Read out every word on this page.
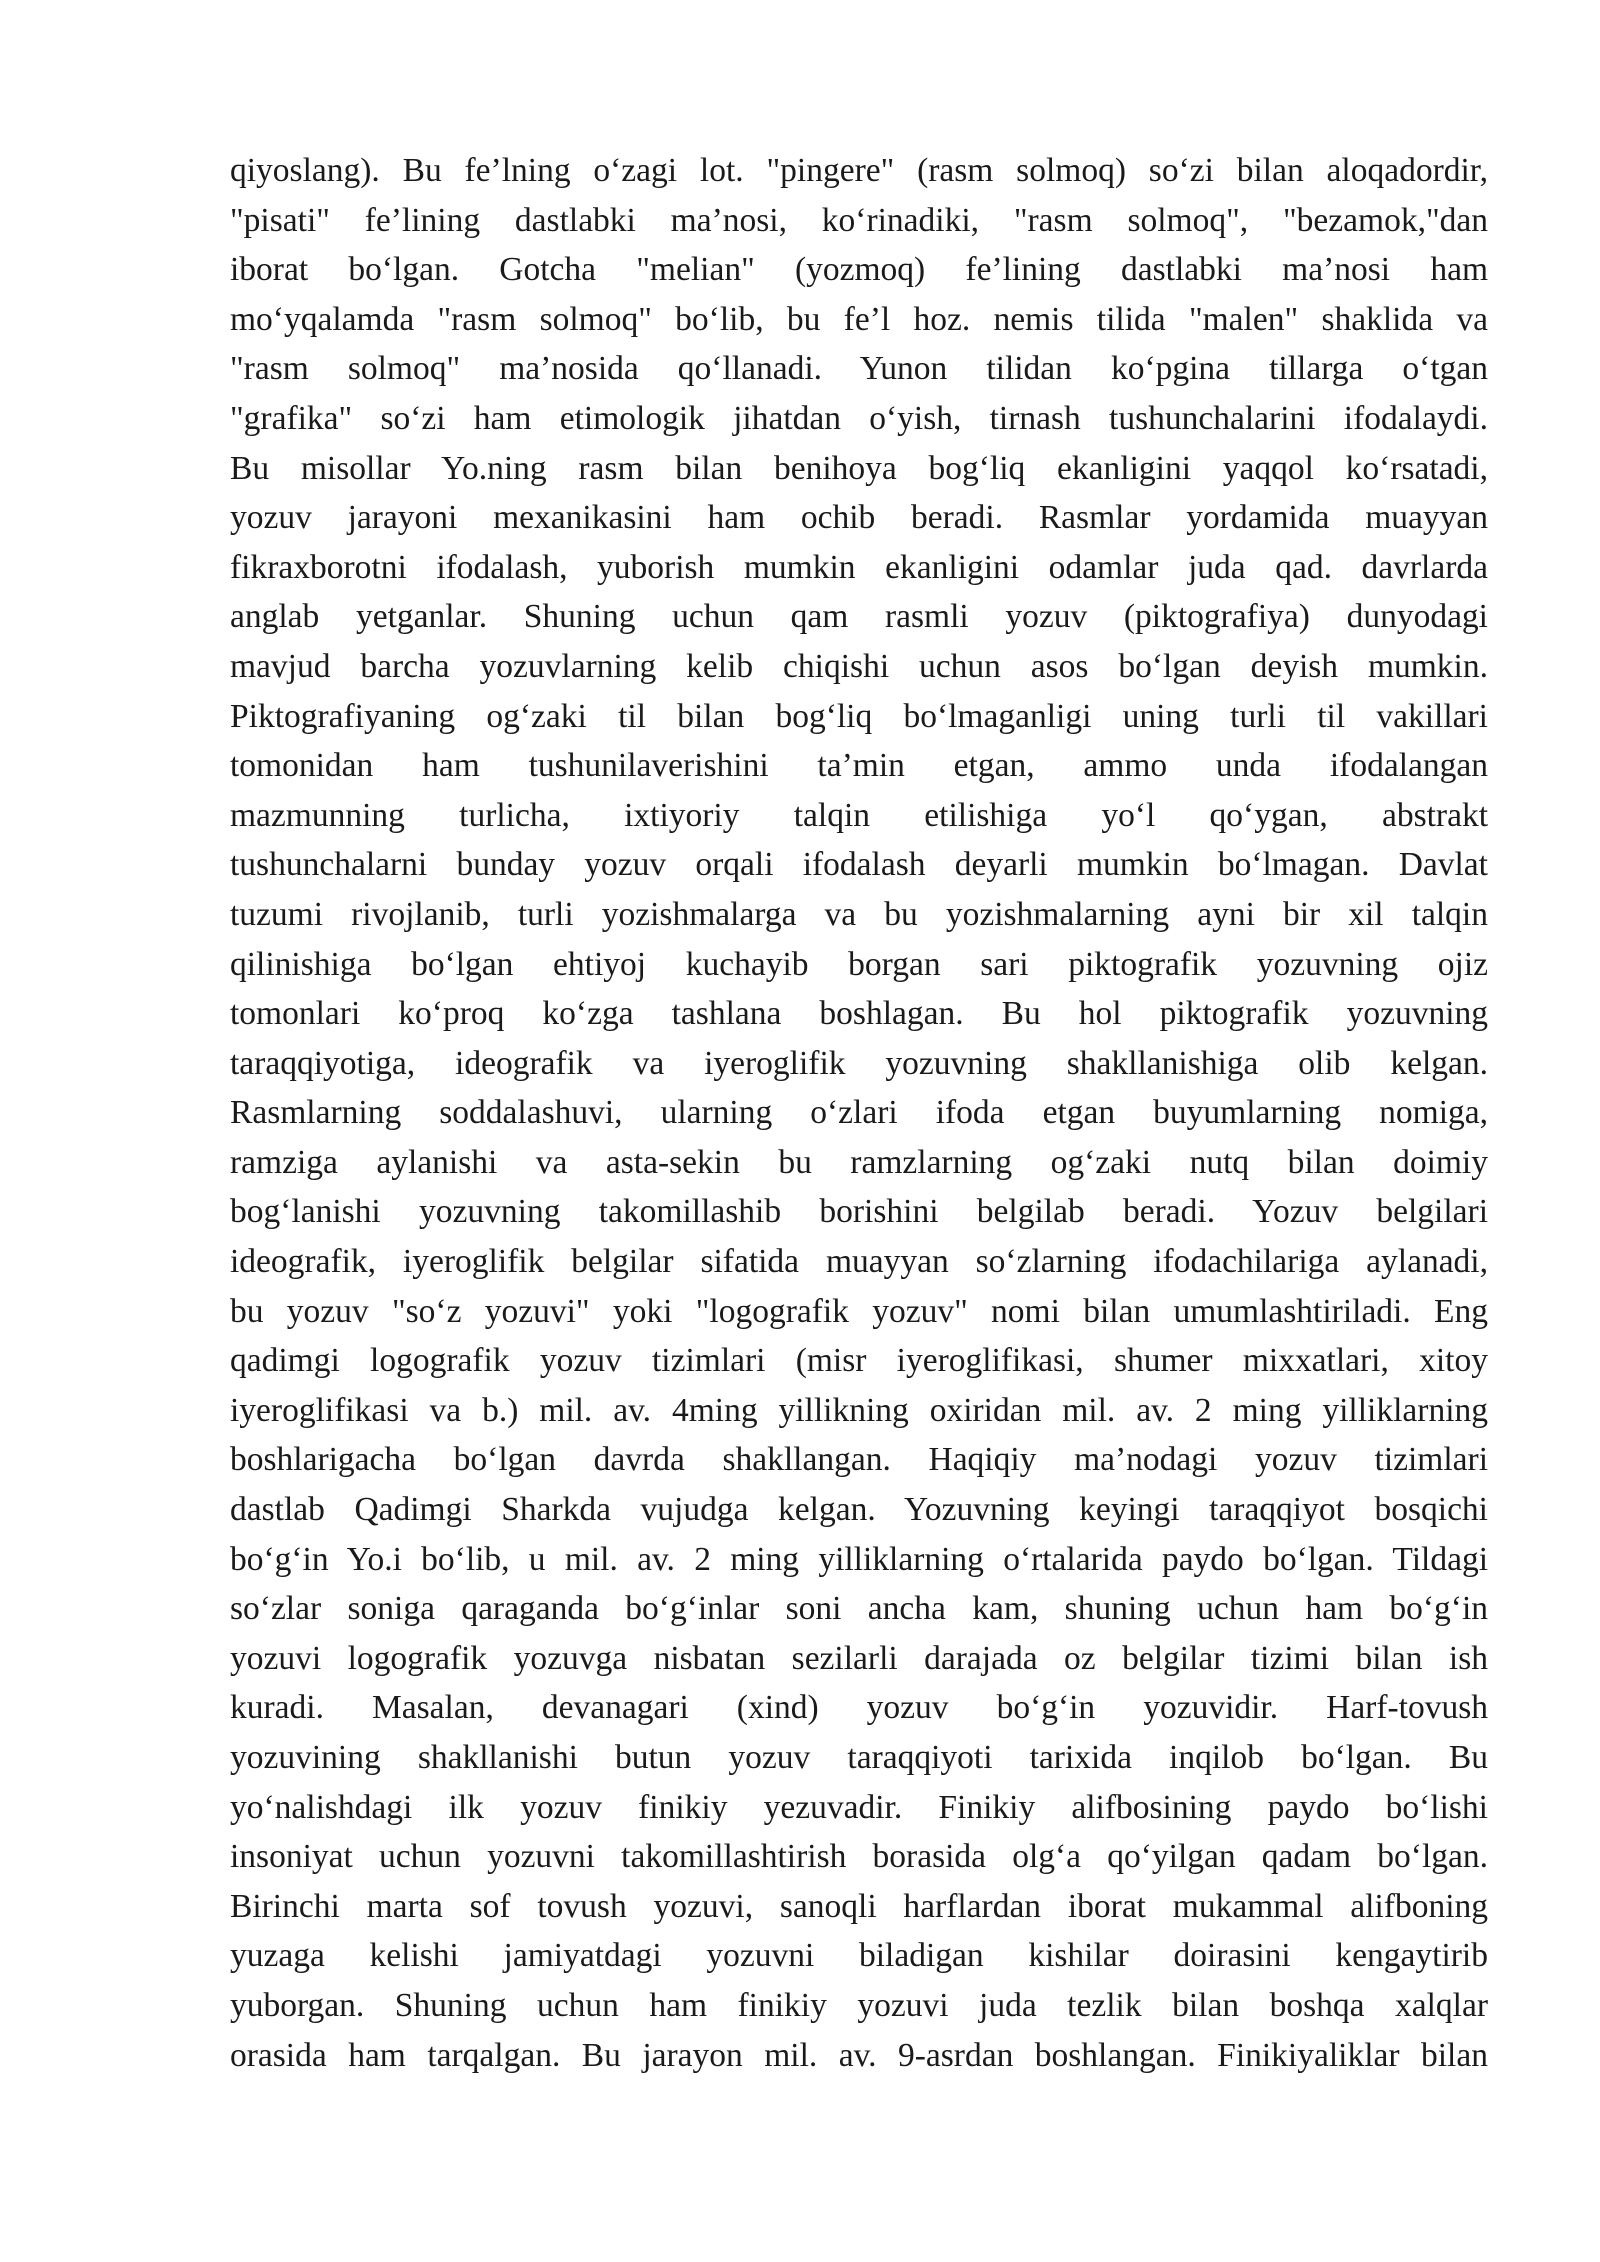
qiyoslang). Bu fe’lning o‘zagi lot. "pingere" (rasm solmoq) so‘zi bilan aloqadordir,
"pisati" fe’lining dastlabki ma’nosi, ko‘rinadiki, "rasm solmoq", "bezamok,"dan
iborat bo‘lgan. Gotcha "melian" (yozmoq) fe’lining dastlabki ma’nosi ham
mo‘yqalamda "rasm solmoq" bo‘lib, bu fe’l hoz. nemis tilida "malen" shaklida va
"rasm solmoq" ma’nosida qo‘llanadi. Yunon tilidan ko‘pgina tillarga o‘tgan
"grafika" so‘zi ham etimologik jihatdan o‘yish, tirnash tushunchalarini ifodalaydi.
Bu misollar Yo.ning rasm bilan benihoya bog‘liq ekanligini yaqqol ko‘rsatadi,
yozuv jarayoni mexanikasini ham ochib beradi. Rasmlar yordamida muayyan
fikraxborotni ifodalash, yuborish mumkin ekanligini odamlar juda qad. davrlarda
anglab yetganlar. Shuning uchun qam rasmli yozuv (piktografiya) dunyodagi
mavjud barcha yozuvlarning kelib chiqishi uchun asos bo‘lgan deyish mumkin.
Piktografiyaning og‘zaki til bilan bog‘liq bo‘lmaganligi uning turli til vakillari
tomonidan ham tushunilaverishini ta’min etgan, ammo unda ifodalangan
mazmunning turlicha, ixtiyoriy talqin etilishiga yo‘l qo‘ygan, abstrakt
tushunchalarni bunday yozuv orqali ifodalash deyarli mumkin bo‘lmagan. Davlat
tuzumi rivojlanib, turli yozishmalarga va bu yozishmalarning ayni bir xil talqin
qilinishiga bo‘lgan ehtiyoj kuchayib borgan sari piktografik yozuvning ojiz
tomonlari ko‘proq ko‘zga tashlana boshlagan. Bu hol piktografik yozuvning
taraqqiyotiga, ideografik va iyeroglifik yozuvning shakllanishiga olib kelgan.
Rasmlarning soddalashuvi, ularning o‘zlari ifoda etgan buyumlarning nomiga,
ramziga aylanishi va asta-sekin bu ramzlarning og‘zaki nutq bilan doimiy
bog‘lanishi yozuvning takomillashib borishini belgilab beradi. Yozuv belgilari
ideografik, iyeroglifik belgilar sifatida muayyan so‘zlarning ifodachilariga aylanadi,
bu yozuv "so‘z yozuvi" yoki "logografik yozuv" nomi bilan umumlashtiriladi. Eng
qadimgi logografik yozuv tizimlari (misr iyeroglifikasi, shumer mixxatlari, xitoy
iyeroglifikasi va b.) mil. av. 4ming yillikning oxiridan mil. av. 2 ming yilliklarning
boshlarigacha bo‘lgan davrda shakllangan. Haqiqiy ma’nodagi yozuv tizimlari
dastlab Qadimgi Sharkda vujudga kelgan. Yozuvning keyingi taraqqiyot bosqichi
bo‘g‘in Yo.i bo‘lib, u mil. av. 2 ming yilliklarning o‘rtalarida paydo bo‘lgan. Tildagi
so‘zlar soniga qaraganda bo‘g‘inlar soni ancha kam, shuning uchun ham bo‘g‘in
yozuvi logografik yozuvga nisbatan sezilarli darajada oz belgilar tizimi bilan ish
kuradi. Masalan, devanagari (xind) yozuv bo‘g‘in yozuvidir. Harf-tovush
yozuvining shakllanishi butun yozuv taraqqiyoti tarixida inqilob bo‘lgan. Bu
yo‘nalishdagi ilk yozuv finikiy yezuvadir. Finikiy alifbosining paydo bo‘lishi
insoniyat uchun yozuvni takomillashtirish borasida olg‘a qo‘yilgan qadam bo‘lgan.
Birinchi marta sof tovush yozuvi, sanoqli harflardan iborat mukammal alifboning
yuzaga kelishi jamiyatdagi yozuvni biladigan kishilar doirasini kengaytirib
yuborgan. Shuning uchun ham finikiy yozuvi juda tezlik bilan boshqa xalqlar
orasida ham tarqalgan. Bu jarayon mil. av. 9-asrdan boshlangan. Finikiyaliklar bilan
